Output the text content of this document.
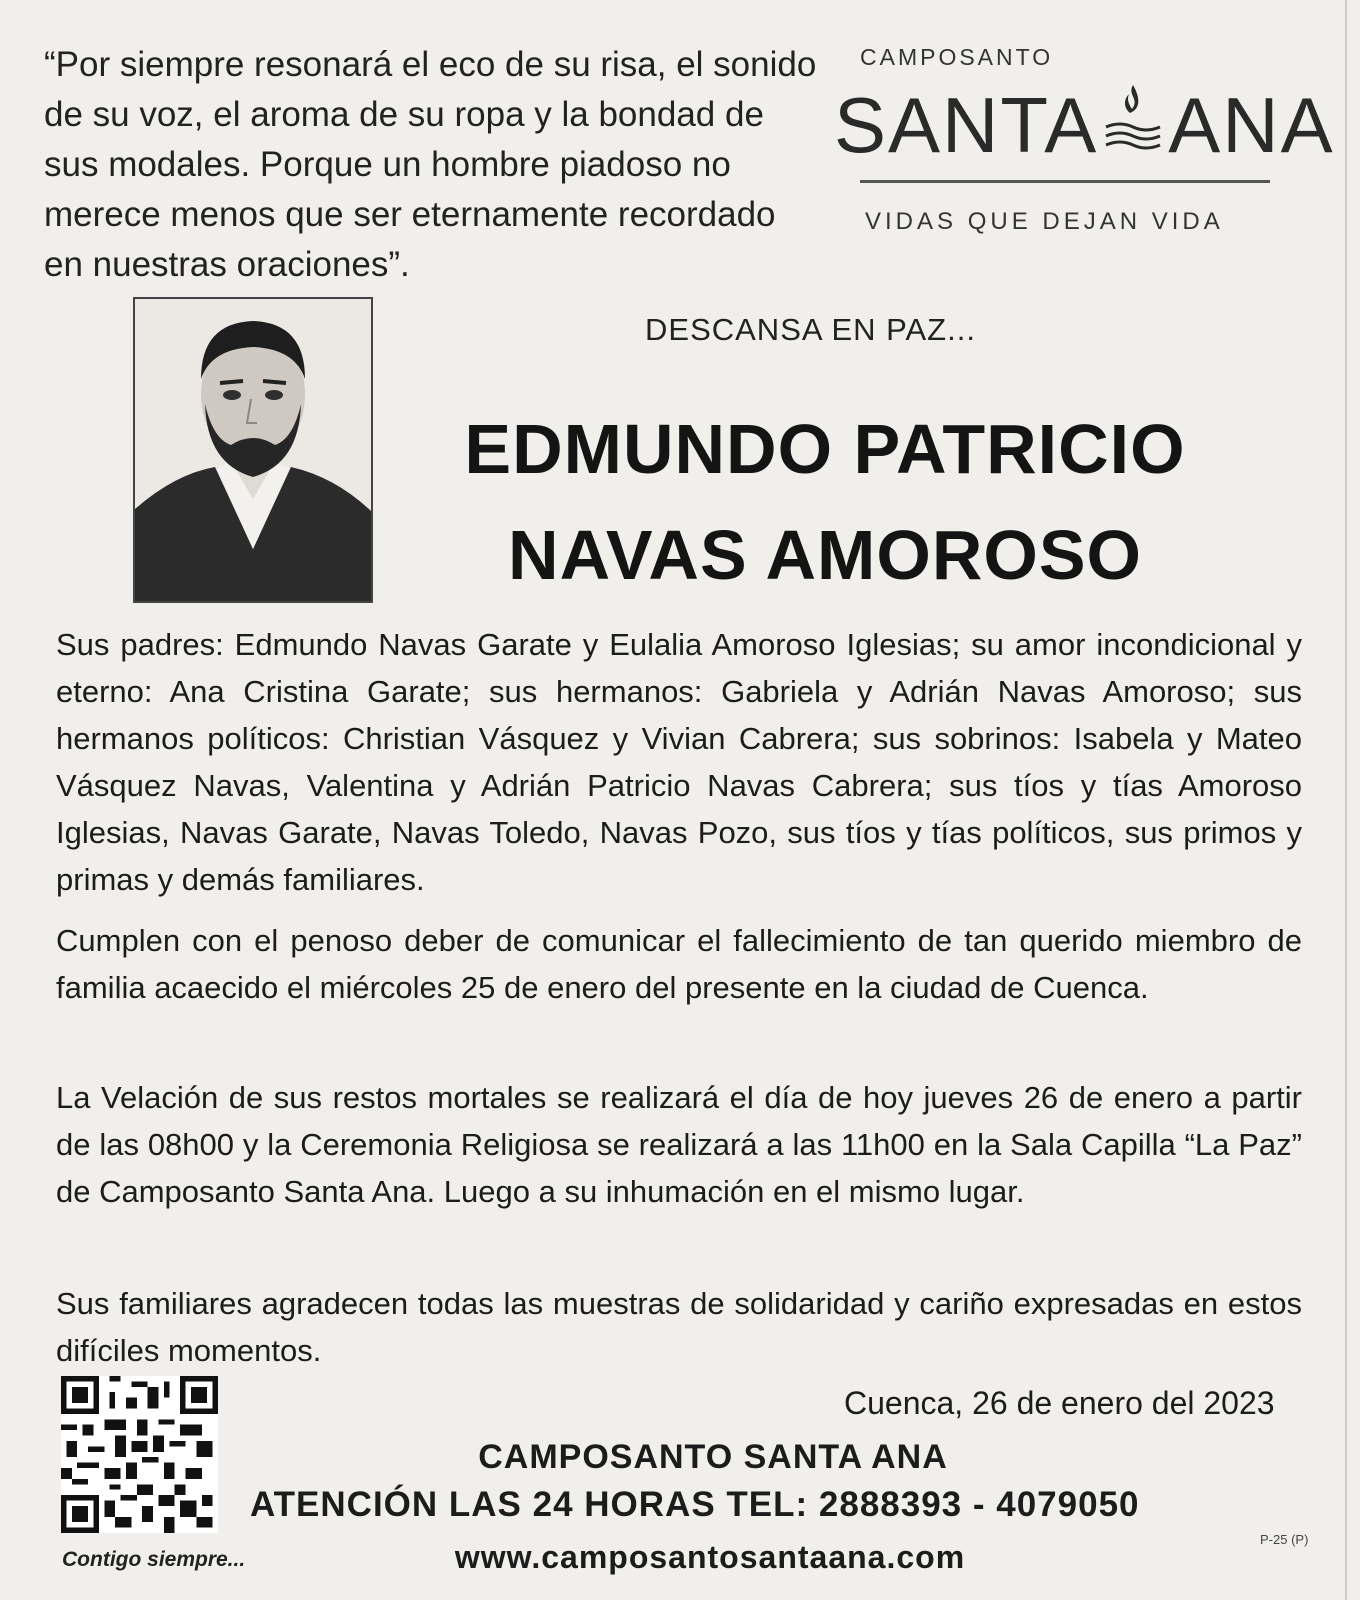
“Por siempre resonará el eco de su risa, el sonido de su voz, el aroma de su ropa y la bondad de sus modales. Porque un hombre piadoso no merece menos que ser eternamente recordado en nuestras oraciones”.
CAMPOSANTO
SANTA ANA
VIDAS QUE DEJAN VIDA
DESCANSA EN PAZ...
EDMUNDO PATRICIO
NAVAS AMOROSO
Sus padres: Edmundo Navas Garate y Eulalia Amoroso Iglesias; su amor incondicional y eterno: Ana Cristina Garate; sus hermanos: Gabriela y Adrián Navas Amoroso; sus hermanos políticos: Christian Vásquez y Vivian Cabrera; sus sobrinos: Isabela y Mateo Vásquez Navas, Valentina y Adrián Patricio Navas Cabrera; sus tíos y tías Amoroso Iglesias, Navas Garate, Navas Toledo, Navas Pozo, sus tíos y tías políticos, sus primos y primas y demás familiares.
Cumplen con el penoso deber de comunicar el fallecimiento de tan querido miembro de familia acaecido el miércoles 25 de enero del presente en la ciudad de Cuenca.
La Velación de sus restos mortales se realizará el día de hoy jueves 26 de enero a partir de las 08h00 y la Ceremonia Religiosa se realizará a las 11h00 en la Sala Capilla “La Paz” de Camposanto Santa Ana. Luego a su inhumación en el mismo lugar.
Sus familiares agradecen todas las muestras de solidaridad y cariño expresadas en estos difíciles momentos.
Contigo siempre...
Cuenca, 26 de enero del 2023
CAMPOSANTO SANTA ANA
ATENCIÓN LAS 24 HORAS TEL: 2888393 - 4079050
www.camposantosantaana.com	P-25 (P)
